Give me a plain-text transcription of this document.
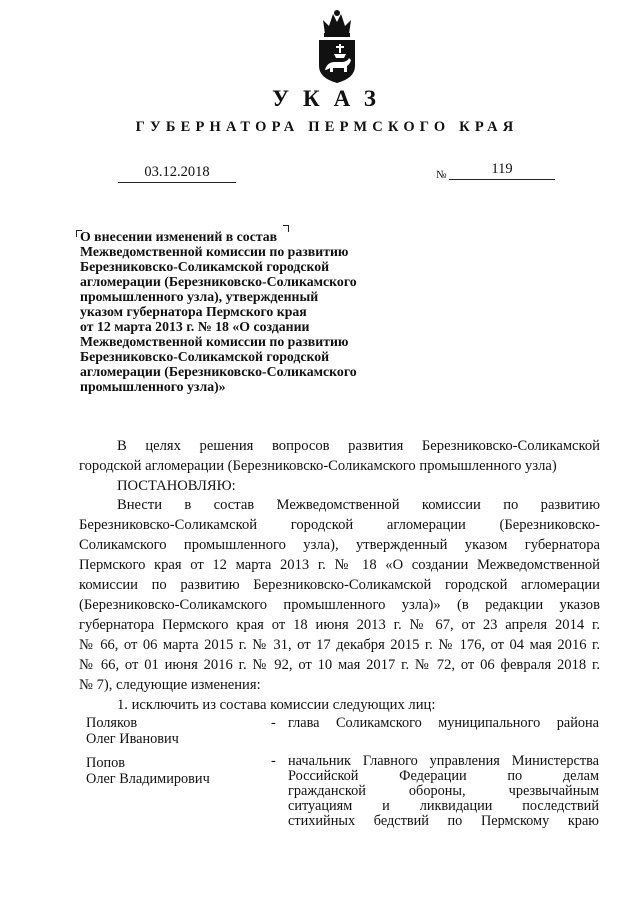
УКАЗ
ГУБЕРНАТОРА ПЕРМСКОГО КРАЯ
03.12.2018	№	119
О внесении изменений в состав
Межведомственной комиссии по развитию
Березниковско-Соликамской городской
агломерации (Березниковско-Соликамского
промышленного узла), утвержденный
указом губернатора Пермского края
от 12 марта 2013 г. № 18 «О создании
Межведомственной комиссии по развитию
Березниковско-Соликамской городской
агломерации (Березниковско-Соликамского
промышленного узла)»
В целях решения вопросов развития Березниковско-Соликамской
городской агломерации (Березниковско-Соликамского промышленного узла)
ПОСТАНОВЛЯЮ:
Внести в состав Межведомственной комиссии по развитию
Березниковско-Соликамской городской агломерации (Березниковско-
Соликамского промышленного узла), утвержденный указом губернатора
Пермского края от 12 марта 2013 г. № 18 «О создании Межведомственной
комиссии по развитию Березниковско-Соликамской городской агломерации
(Березниковско-Соликамского промышленного узла)» (в редакции указов
губернатора Пермского края от 18 июня 2013 г. № 67, от 23 апреля 2014 г.
№ 66, от 06 марта 2015 г. № 31, от 17 декабря 2015 г. № 176, от 04 мая 2016 г.
№ 66, от 01 июня 2016 г. № 92, от 10 мая 2017 г. № 72, от 06 февраля 2018 г.
№ 7), следующие изменения:
1. исключить из состава комиссии следующих лиц:
Поляков
Олег Иванович
- глава Соликамского муниципального района
Попов
Олег Владимирович
- начальник Главного управления Министерства
Российской Федерации по делам
гражданской обороны, чрезвычайным
ситуациям и ликвидации последствий
стихийных бедствий по Пермскому краю
